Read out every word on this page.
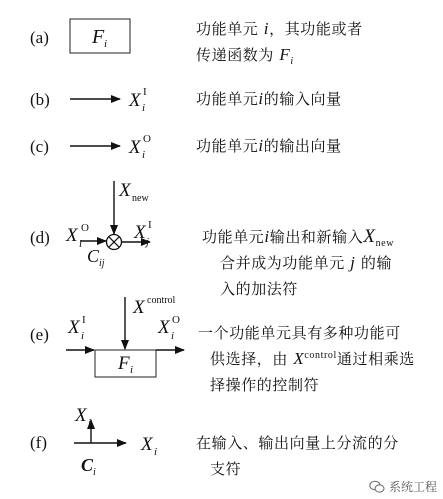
(a)
(b)
(c)
(d)
(e)
(f)
F i
X I
i
X O
i
X new
X O
i
X I
j
C ij
X control
X I
i
F i
X O
i
X i
X i
C i
功能单元 i，其功能或者
传递函数为 $F_i$
功能单元i的输入向量
功能单元i的输出向量
功能单元i输出和新输入$X_{new}$
合并成为功能单元 j 的输
入的加法符
一个功能单元具有多种功能可
供选择，由 $X^{control}$通过相乘选
择操作的控制符
在输入、输出向量上分流的分
支符
系统工程
